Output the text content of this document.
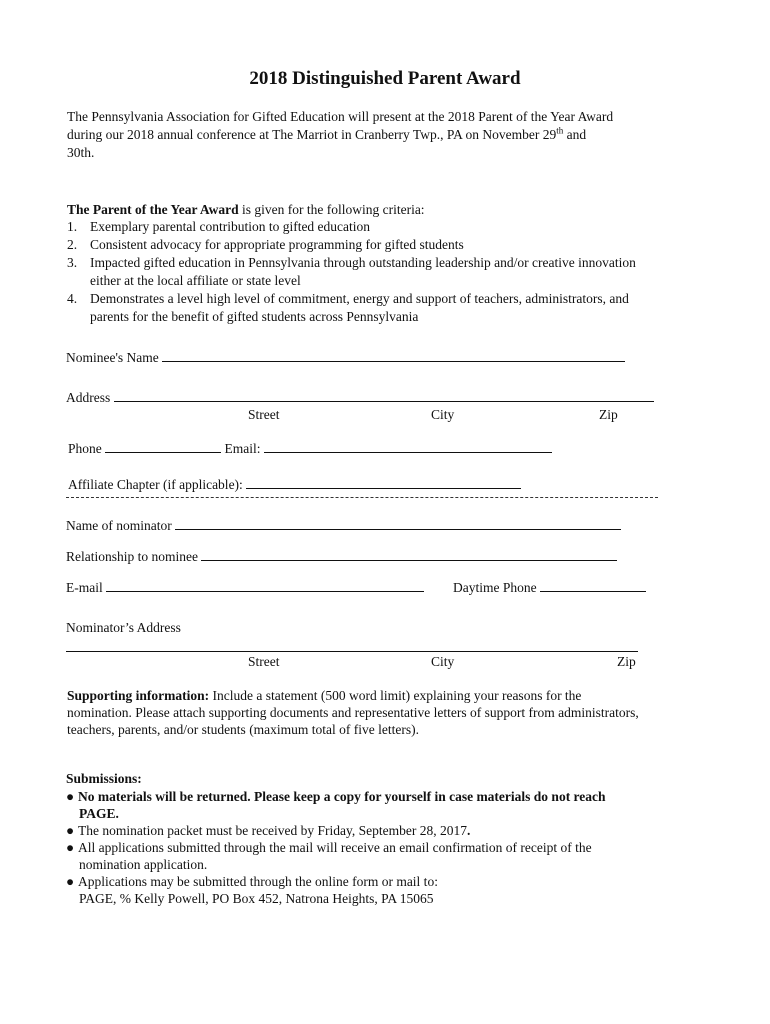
2018 Distinguished Parent Award
The Pennsylvania Association for Gifted Education will present at the 2018 Parent of the Year Award
during our 2018 annual conference at The Marriot in Cranberry Twp., PA on November 29th and
30th.
The Parent of the Year Award is given for the following criteria:
1. Exemplary parental contribution to gifted education
2. Consistent advocacy for appropriate programming for gifted students
3. Impacted gifted education in Pennsylvania through outstanding leadership and/or creative innovation
either at the local affiliate or state level
4. Demonstrates a level high level of commitment, energy and support of teachers, administrators, and
parents for the benefit of gifted students across Pennsylvania
Nominee's Name
Address
Street	City	Zip
Phone	Email:
Affiliate Chapter (if applicable):
Name of nominator
Relationship to nominee
E-mail	Daytime Phone
Nominator’s Address
Street	City	Zip
Supporting information: Include a statement (500 word limit) explaining your reasons for the
nomination. Please attach supporting documents and representative letters of support from administrators,
teachers, parents, and/or students (maximum total of five letters).
Submissions:
● No materials will be returned. Please keep a copy for yourself in case materials do not reach
PAGE.
● The nomination packet must be received by Friday, September 28, 2017.
● All applications submitted through the mail will receive an email confirmation of receipt of the
nomination application.
● Applications may be submitted through the online form or mail to:
PAGE, % Kelly Powell, PO Box 452, Natrona Heights, PA 15065
